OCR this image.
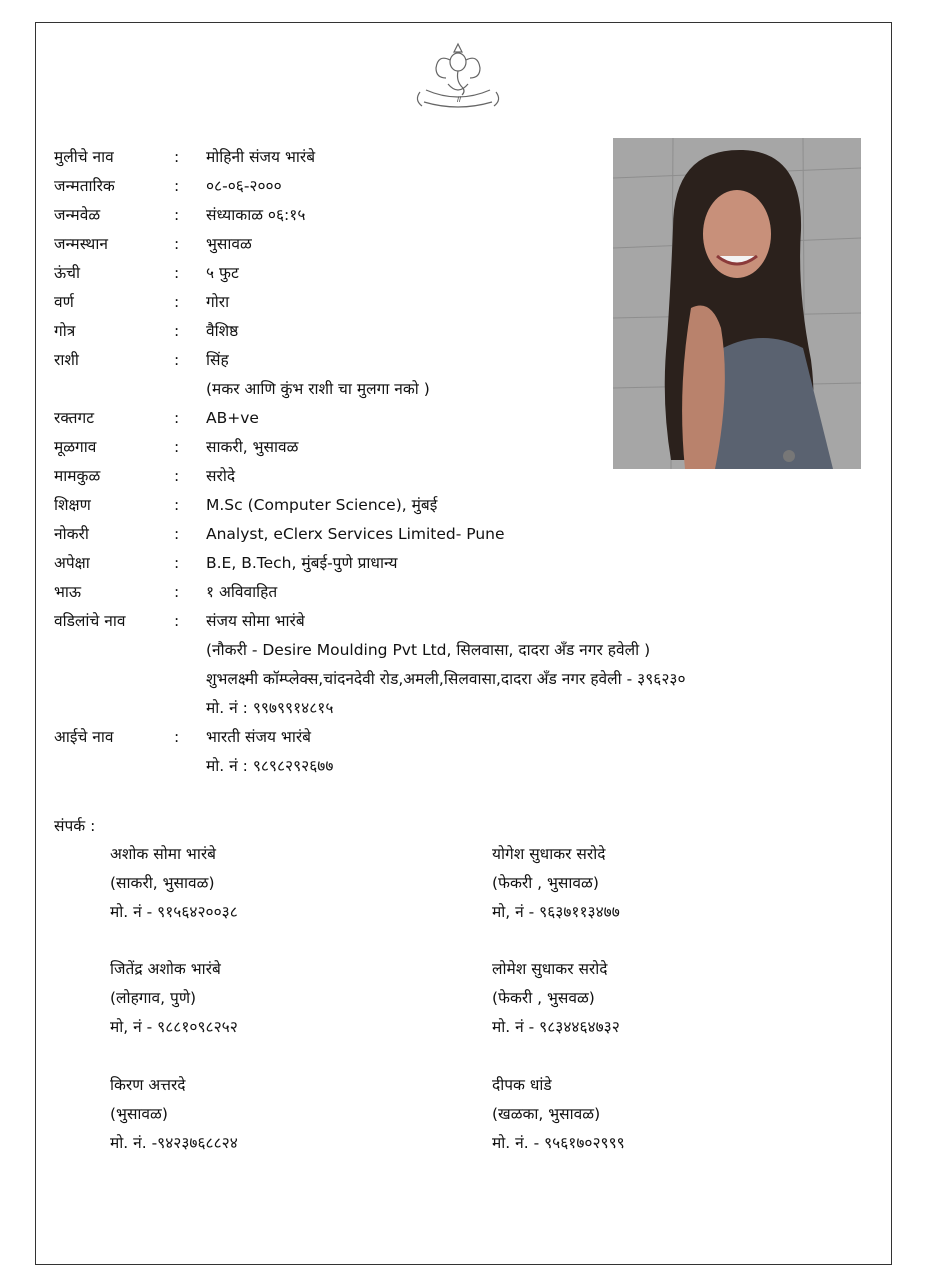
॥
मुलीचे नाव	:	मोहिनी संजय भारंबे
जन्मतारिक	:	०८-०६-२०००
जन्मवेळ	:	संध्याकाळ ०६:१५
जन्मस्थान	:	भुसावळ
ऊंची	:	५ फुट
वर्ण	:	गोरा
गोत्र	:	वैशिष्ठ
राशी	:	सिंह
(मकर आणि कुंभ राशी चा मुलगा नको )
रक्तगट	:	AB+ve
मूळगाव	:	साकरी, भुसावळ
मामकुळ	:	सरोदे
शिक्षण	:	M.Sc (Computer Science), मुंबई
नोकरी	:	Analyst, eClerx Services Limited- Pune
अपेक्षा	:	B.E, B.Tech, मुंबई-पुणे प्राधान्य
भाऊ	:	१ अविवाहित
वडिलांचे नाव	:	संजय सोमा भारंबे
(नौकरी - Desire Moulding Pvt Ltd, सिलवासा, दादरा अँड नगर हवेली )
शुभलक्ष्मी कॉम्प्लेक्स,चांदनदेवी रोड,अमली,सिलवासा,दादरा अँड नगर हवेली - ३९६२३०
मो. नं : ९९७९९१४८१५
आईचे नाव	:	भारती संजय भारंबे
मो. नं : ९८९८२९२६७७
संपर्क :
अशोक सोमा भारंबे
(साकरी, भुसावळ)
मो. नं - ९१५६४२००३८
योगेश सुधाकर सरोदे
(फेकरी , भुसावळ)
मो, नं - ९६३७११३४७७
जितेंद्र अशोक भारंबे
(लोहगाव, पुणे)
मो, नं - ९८८१०९८२५२
लोमेश सुधाकर सरोदे
(फेकरी , भुसवळ)
मो. नं - ९८३४४६४७३२
किरण अत्तरदे
(भुसावळ)
मो. नं. -९४२३७६८८२४
दीपक धांडे
(खळका, भुसावळ)
मो. नं. - ९५६१७०२९९९
